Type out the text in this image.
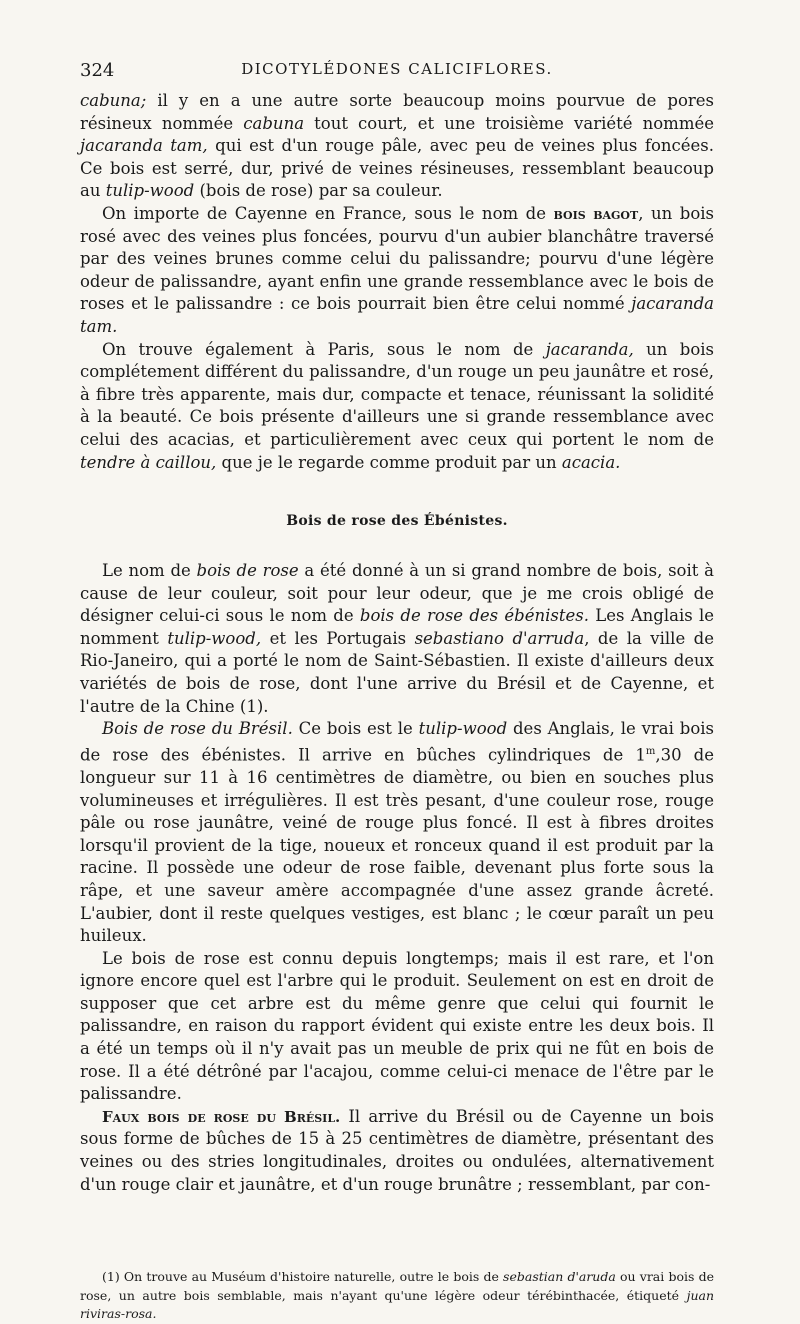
324	DICOTYLÉDONES CALICIFLORES.

cabuna; il y en a une autre sorte beaucoup moins pourvue de pores résineux nommée cabuna tout court, et une troisième variété nommée jacaranda tam, qui est d'un rouge pâle, avec peu de veines plus foncées. Ce bois est serré, dur, privé de veines résineuses, ressemblant beaucoup au tulip-wood (bois de rose) par sa couleur.

On importe de Cayenne en France, sous le nom de bois bagot, un bois rosé avec des veines plus foncées, pourvu d'un aubier blanchâtre traversé par des veines brunes comme celui du palissandre; pourvu d'une légère odeur de palissandre, ayant enfin une grande ressemblance avec le bois de roses et le palissandre : ce bois pourrait bien être celui nommé jacaranda tam.

On trouve également à Paris, sous le nom de jacaranda, un bois complétement différent du palissandre, d'un rouge un peu jaunâtre et rosé, à fibre très apparente, mais dur, compacte et tenace, réunissant la solidité à la beauté. Ce bois présente d'ailleurs une si grande ressemblance avec celui des acacias, et particulièrement avec ceux qui portent le nom de tendre à caillou, que je le regarde comme produit par un acacia.

Bois de rose des Ébénistes.

Le nom de bois de rose a été donné à un si grand nombre de bois, soit à cause de leur couleur, soit pour leur odeur, que je me crois obligé de désigner celui-ci sous le nom de bois de rose des ébénistes. Les Anglais le nomment tulip-wood, et les Portugais sebastiano d'arruda, de la ville de Rio-Janeiro, qui a porté le nom de Saint-Sébastien. Il existe d'ailleurs deux variétés de bois de rose, dont l'une arrive du Brésil et de Cayenne, et l'autre de la Chine (1).

Bois de rose du Brésil. Ce bois est le tulip-wood des Anglais, le vrai bois de rose des ébénistes. Il arrive en bûches cylindriques de 1$^m$,30 de longueur sur 11 à 16 centimètres de diamètre, ou bien en souches plus volumineuses et irrégulières. Il est très pesant, d'une couleur rose, rouge pâle ou rose jaunâtre, veiné de rouge plus foncé. Il est à fibres droites lorsqu'il provient de la tige, noueux et ronceux quand il est produit par la racine. Il possède une odeur de rose faible, devenant plus forte sous la râpe, et une saveur amère accompagnée d'une assez grande âcreté. L'aubier, dont il reste quelques vestiges, est blanc ; le cœur paraît un peu huileux.

Le bois de rose est connu depuis longtemps; mais il est rare, et l'on ignore encore quel est l'arbre qui le produit. Seulement on est en droit de supposer que cet arbre est du même genre que celui qui fournit le palissandre, en raison du rapport évident qui existe entre les deux bois. Il a été un temps où il n'y avait pas un meuble de prix qui ne fût en bois de rose. Il a été détrôné par l'acajou, comme celui-ci menace de l'être par le palissandre.

Faux bois de rose du Brésil. Il arrive du Brésil ou de Cayenne un bois sous forme de bûches de 15 à 25 centimètres de diamètre, présentant des veines ou des stries longitudinales, droites ou ondulées, alternativement d'un rouge clair et jaunâtre, et d'un rouge brunâtre ; ressemblant, par con-

(1) On trouve au Muséum d'histoire naturelle, outre le bois de sebastian d'aruda ou vrai bois de rose, un autre bois semblable, mais n'ayant qu'une légère odeur térébinthacée, étiqueté juan riviras-rosa.
